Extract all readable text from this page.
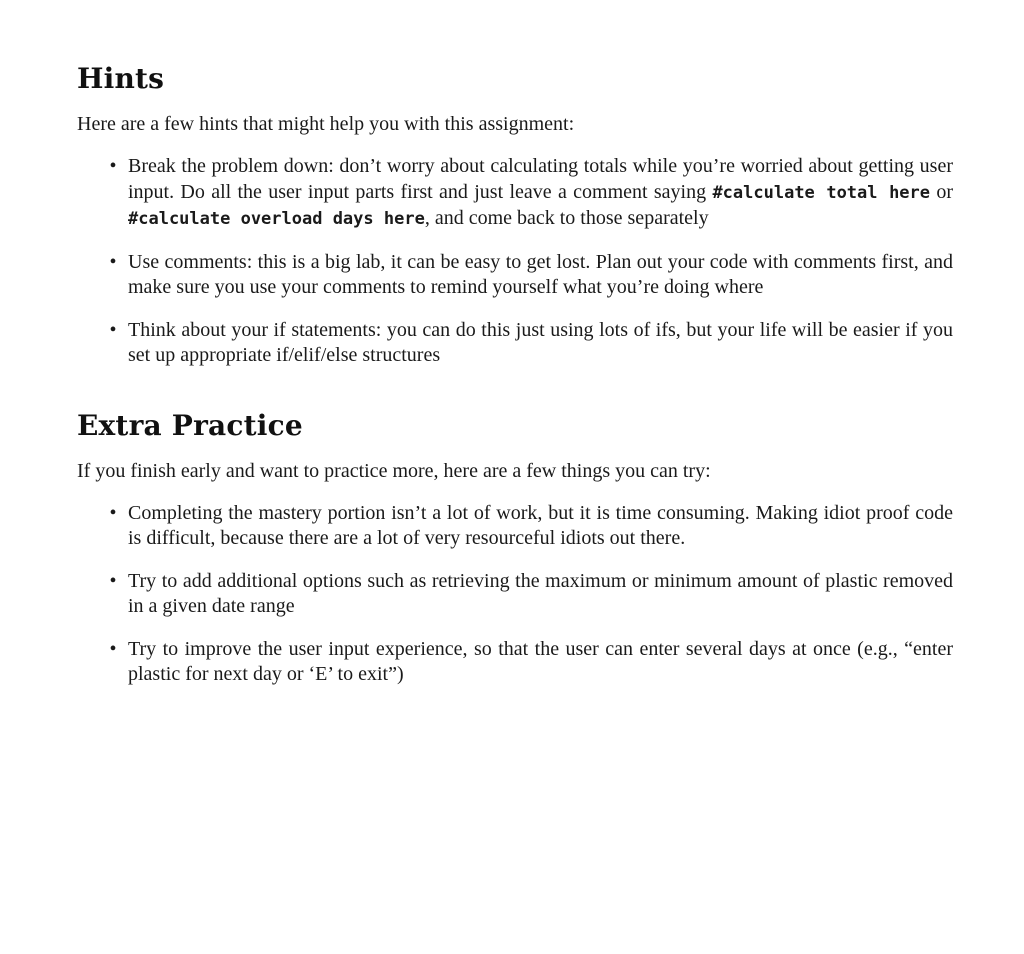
Hints

Here are a few hints that might help you with this assignment:

• Break the problem down: don’t worry about calculating totals while you’re worried about getting user input. Do all the user input parts first and just leave a comment saying #calculate total here or #calculate overload days here, and come back to those separately
• Use comments: this is a big lab, it can be easy to get lost. Plan out your code with comments first, and make sure you use your comments to remind yourself what you’re doing where
• Think about your if statements: you can do this just using lots of ifs, but your life will be easier if you set up appropriate if/elif/else structures
Extra Practice

If you finish early and want to practice more, here are a few things you can try:

• Completing the mastery portion isn’t a lot of work, but it is time consuming. Making idiot proof code is difficult, because there are a lot of very resourceful idiots out there.
• Try to add additional options such as retrieving the maximum or minimum amount of plastic removed in a given date range
• Try to improve the user input experience, so that the user can enter several days at once (e.g., “enter plastic for next day or ‘E’ to exit”)
